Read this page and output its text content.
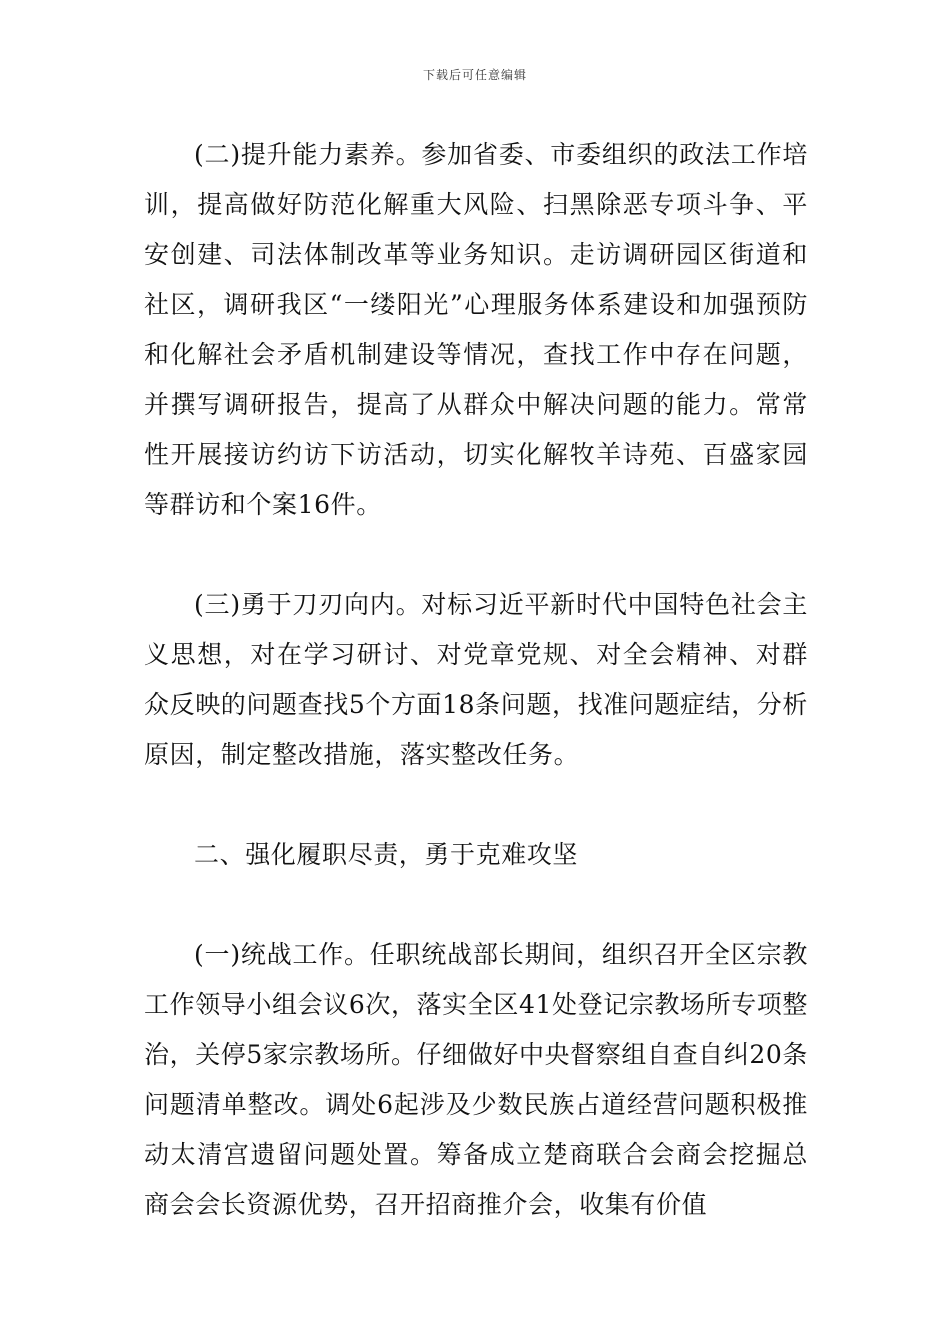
下载后可任意编辑

(二)提升能力素养。参加省委、市委组织的政法工作培训，提高做好防范化解重大风险、扫黑除恶专项斗争、平安创建、司法体制改革等业务知识。走访调研园区街道和社区，调研我区“一缕阳光”心理服务体系建设和加强预防和化解社会矛盾机制建设等情况，查找工作中存在问题，并撰写调研报告，提高了从群众中解决问题的能力。常常性开展接访约访下访活动，切实化解牧羊诗苑、百盛家园等群访和个案16件。

(三)勇于刀刃向内。对标习近平新时代中国特色社会主义思想，对在学习研讨、对党章党规、对全会精神、对群众反映的问题查找5个方面18条问题，找准问题症结，分析原因，制定整改措施，落实整改任务。

二、强化履职尽责，勇于克难攻坚

(一)统战工作。任职统战部长期间，组织召开全区宗教工作领导小组会议6次，落实全区41处登记宗教场所专项整治，关停5家宗教场所。仔细做好中央督察组自查自纠20条问题清单整改。调处6起涉及少数民族占道经营问题积极推动太清宫遗留问题处置。筹备成立楚商联合会商会挖掘总商会会长资源优势，召开招商推介会，收集有价值
